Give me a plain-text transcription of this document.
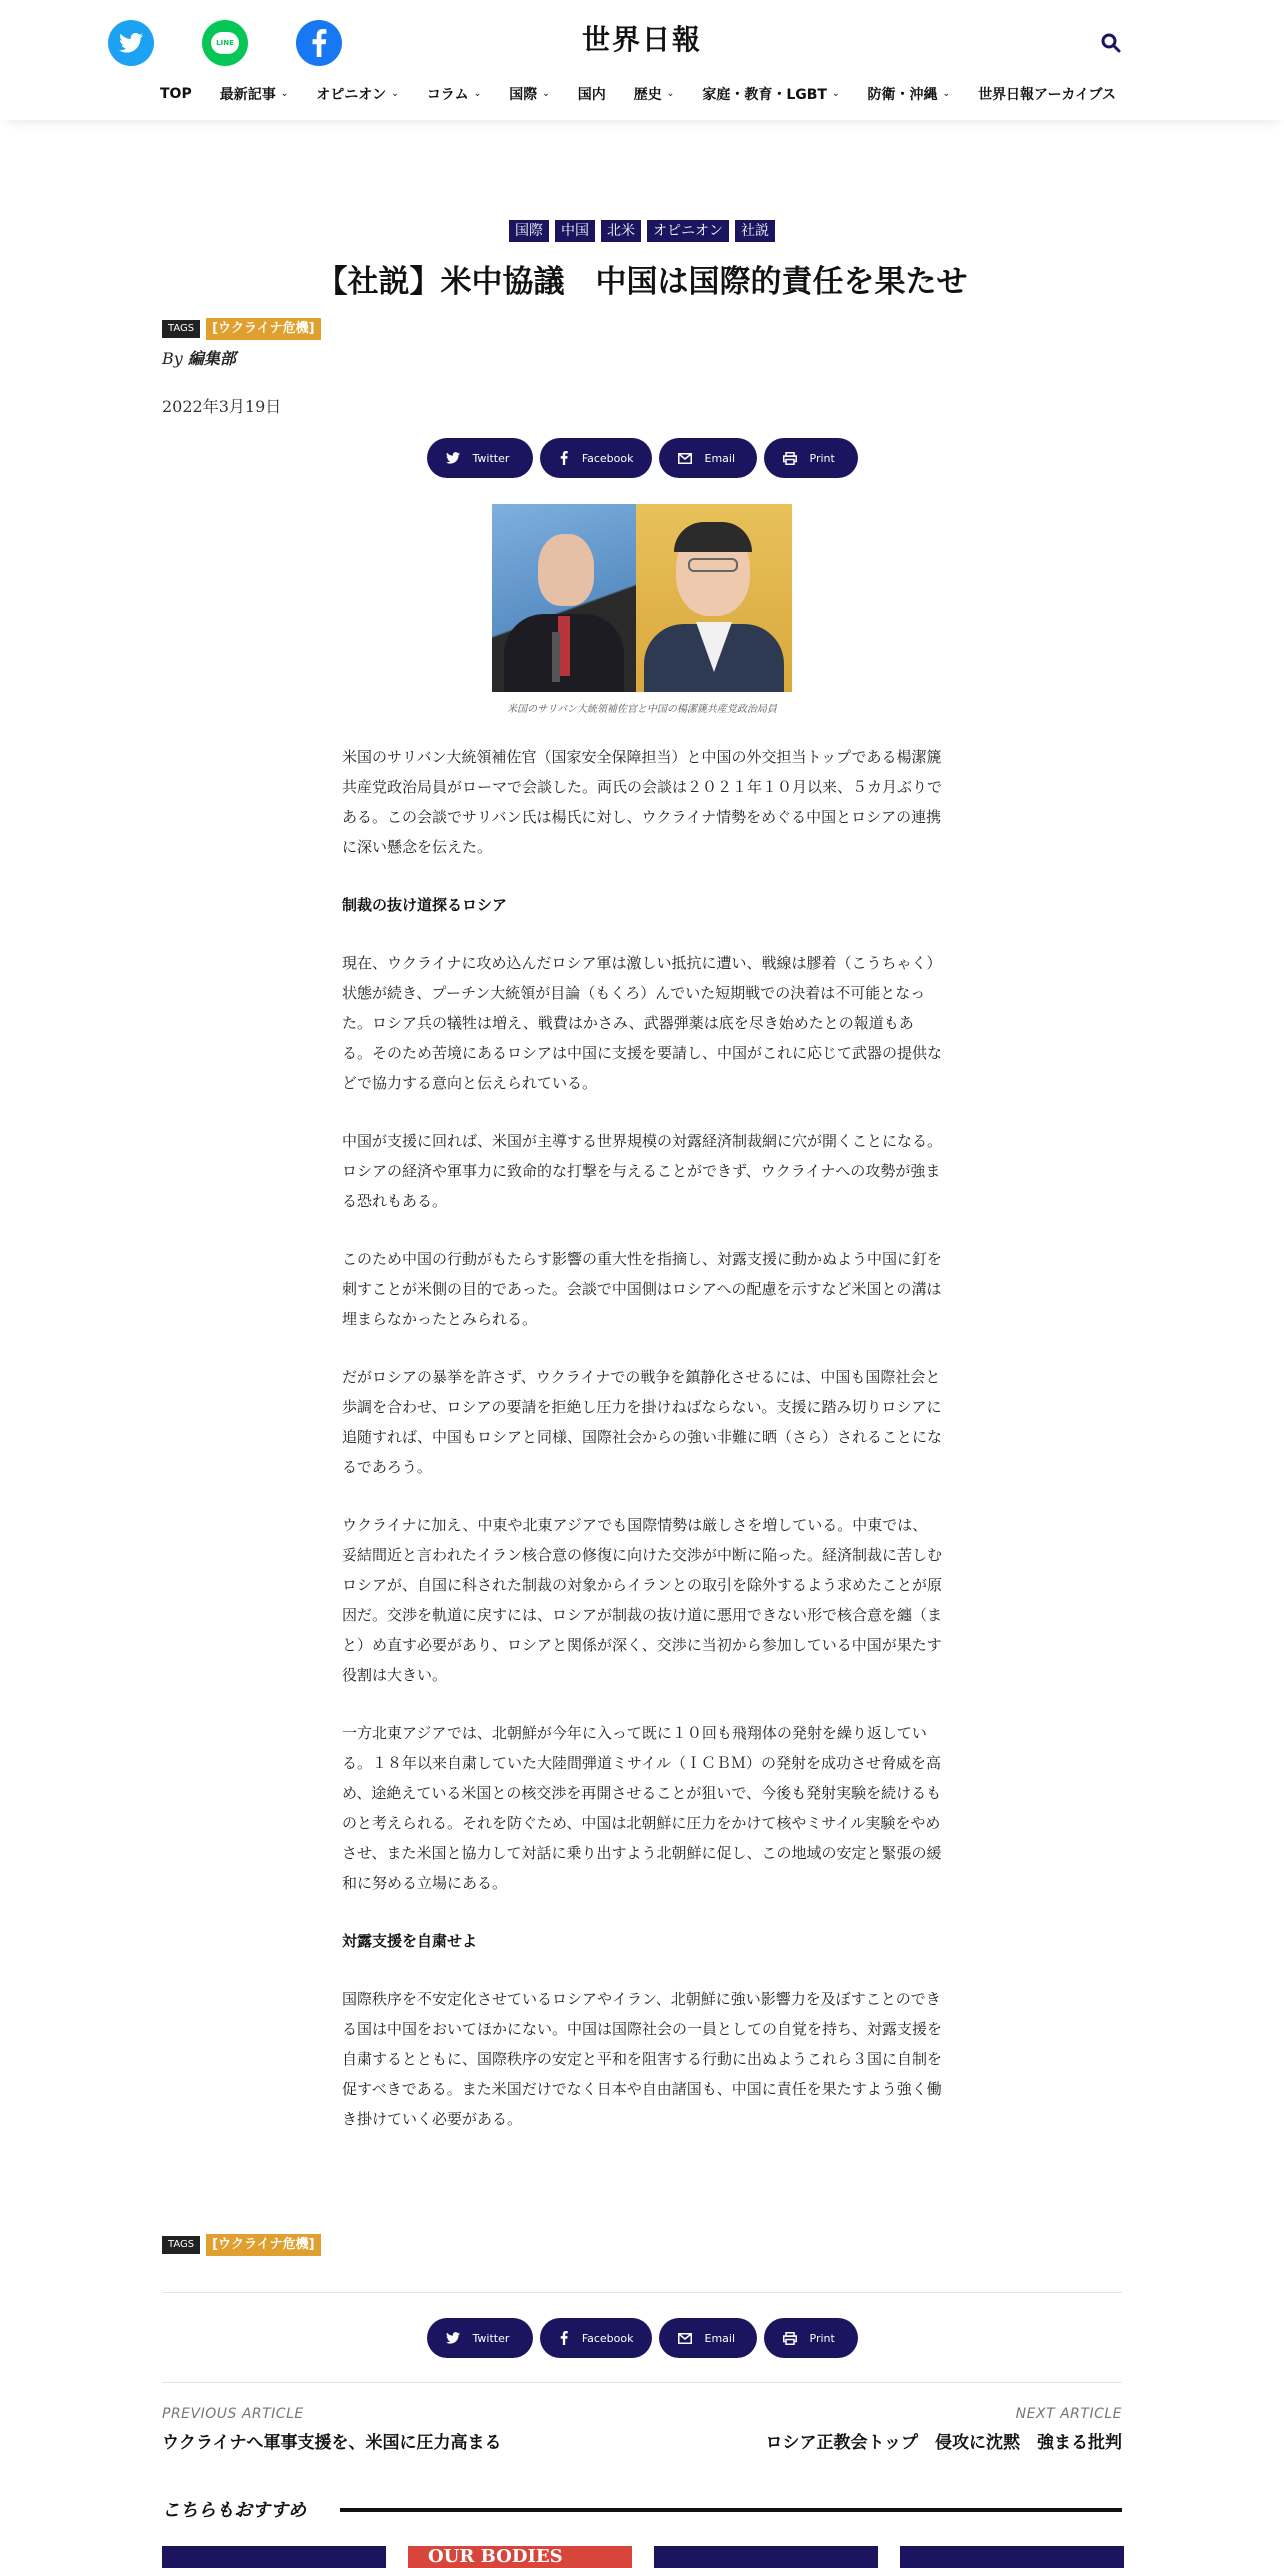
LINE	世界日報
TOP 最新記事 ⌄ オピニオン ⌄ コラム ⌄ 国際 ⌄ 国内 歴史 ⌄ 家庭・教育・LGBT ⌄ 防衛・沖縄 ⌄ 世界日報アーカイブス
国際	中国	北米	オピニオン	社説
【社説】米中協議　中国は国際的責任を果たせ
TAGS	[ウクライナ危機]
By 編集部
2022年3月19日
Twitter	Facebook	Email	Print
米国のサリバン大統領補佐官と中国の楊潔篪共産党政治局員

米国のサリバン大統領補佐官（国家安全保障担当）と中国の外交担当トップである楊潔篪共産党政治局員がローマで会談した。両氏の会談は２０２１年１０月以来、５カ月ぶりである。この会談でサリバン氏は楊氏に対し、ウクライナ情勢をめぐる中国とロシアの連携に深い懸念を伝えた。

制裁の抜け道探るロシア

現在、ウクライナに攻め込んだロシア軍は激しい抵抗に遭い、戦線は膠着（こうちゃく）状態が続き、プーチン大統領が目論（もくろ）んでいた短期戦での決着は不可能となった。ロシア兵の犠牲は増え、戦費はかさみ、武器弾薬は底を尽き始めたとの報道もある。そのため苦境にあるロシアは中国に支援を要請し、中国がこれに応じて武器の提供などで協力する意向と伝えられている。

中国が支援に回れば、米国が主導する世界規模の対露経済制裁網に穴が開くことになる。ロシアの経済や軍事力に致命的な打撃を与えることができず、ウクライナへの攻勢が強まる恐れもある。

このため中国の行動がもたらす影響の重大性を指摘し、対露支援に動かぬよう中国に釘を刺すことが米側の目的であった。会談で中国側はロシアへの配慮を示すなど米国との溝は埋まらなかったとみられる。

だがロシアの暴挙を許さず、ウクライナでの戦争を鎮静化させるには、中国も国際社会と歩調を合わせ、ロシアの要請を拒絶し圧力を掛けねばならない。支援に踏み切りロシアに追随すれば、中国もロシアと同様、国際社会からの強い非難に晒（さら）されることになるであろう。

ウクライナに加え、中東や北東アジアでも国際情勢は厳しさを増している。中東では、妥結間近と言われたイラン核合意の修復に向けた交渉が中断に陥った。経済制裁に苦しむロシアが、自国に科された制裁の対象からイランとの取引を除外するよう求めたことが原因だ。交渉を軌道に戻すには、ロシアが制裁の抜け道に悪用できない形で核合意を纏（まと）め直す必要があり、ロシアと関係が深く、交渉に当初から参加している中国が果たす役割は大きい。

一方北東アジアでは、北朝鮮が今年に入って既に１０回も飛翔体の発射を繰り返している。１８年以来自粛していた大陸間弾道ミサイル（ＩＣＢＭ）の発射を成功させ脅威を高め、途絶えている米国との核交渉を再開させることが狙いで、今後も発射実験を続けるものと考えられる。それを防ぐため、中国は北朝鮮に圧力をかけて核やミサイル実験をやめさせ、また米国と協力して対話に乗り出すよう北朝鮮に促し、この地域の安定と緊張の緩和に努める立場にある。

対露支援を自粛せよ

国際秩序を不安定化させているロシアやイラン、北朝鮮に強い影響力を及ぼすことのできる国は中国をおいてほかにない。中国は国際社会の一員としての自覚を持ち、対露支援を自粛するとともに、国際秩序の安定と平和を阻害する行動に出ぬようこれら３国に自制を促すべきである。また米国だけでなく日本や自由諸国も、中国に責任を果たすよう強く働き掛けていく必要がある。

TAGS	[ウクライナ危機]
Twitter	Facebook	Email	Print
PREVIOUS ARTICLE
ウクライナへ軍事支援を、米国に圧力高まる
NEXT ARTICLE
ロシア正教会トップ　侵攻に沈黙　強まる批判
こちらもおすすめ
OUR BODIES
